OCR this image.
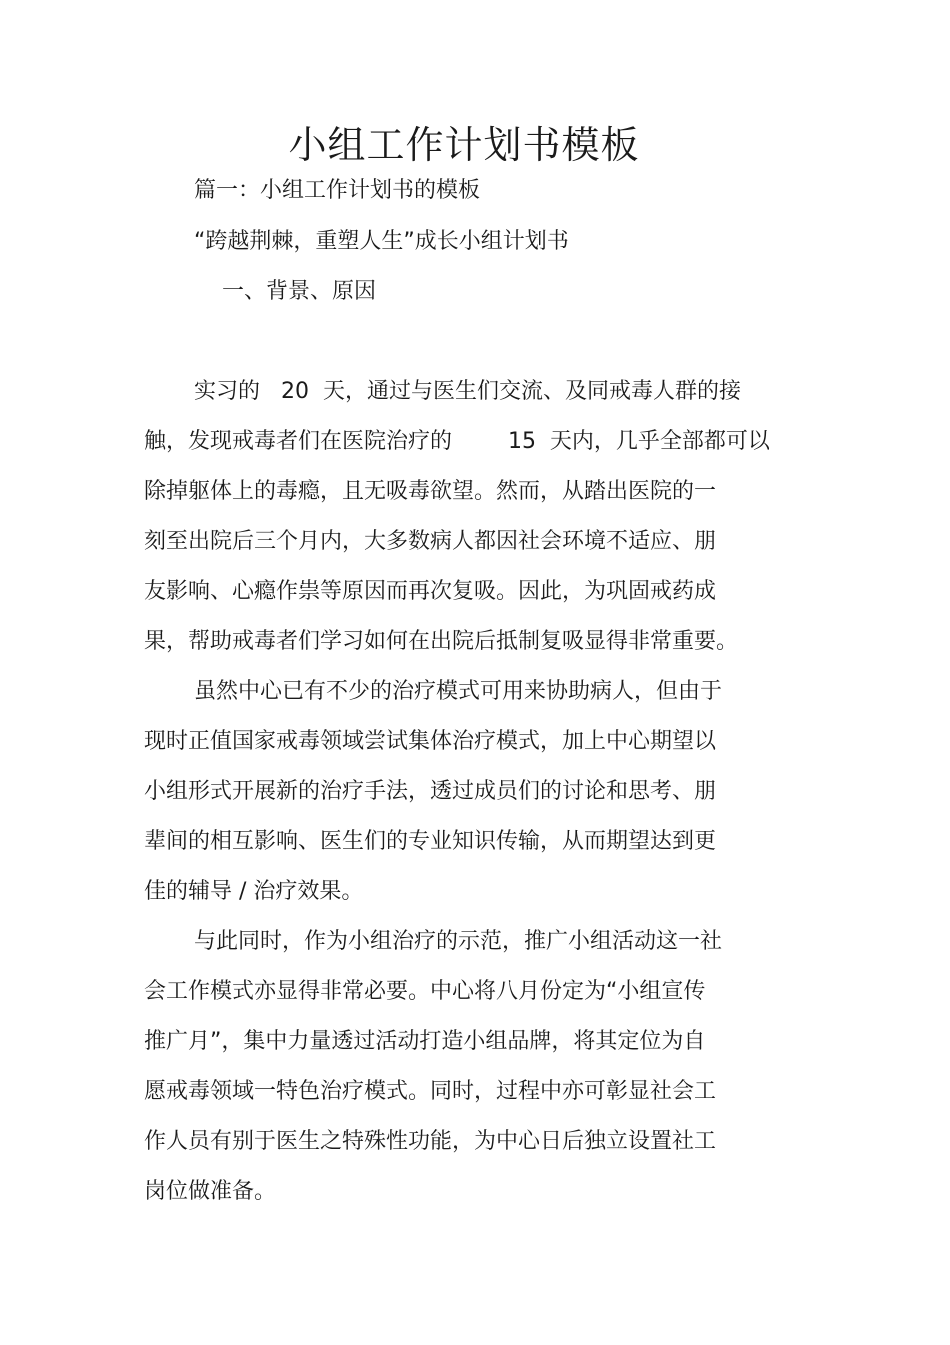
小组工作计划书模板
篇一：小组工作计划书的模板
“跨越荆棘，重塑人生”成长小组计划书
一、背景、原因
实习的   20  天，通过与医生们交流、及同戒毒人群的接
触，发现戒毒者们在医院治疗的        15  天内，几乎全部都可以
除掉躯体上的毒瘾，且无吸毒欲望。然而，从踏出医院的一
刻至出院后三个月内，大多数病人都因社会环境不适应、朋
友影响、心瘾作祟等原因而再次复吸。因此，为巩固戒药成
果，帮助戒毒者们学习如何在出院后抵制复吸显得非常重要。
虽然中心已有不少的治疗模式可用来协助病人，但由于
现时正值国家戒毒领域尝试集体治疗模式，加上中心期望以
小组形式开展新的治疗手法，透过成员们的讨论和思考、朋
辈间的相互影响、医生们的专业知识传输，从而期望达到更
佳的辅导 / 治疗效果。
与此同时，作为小组治疗的示范，推广小组活动这一社
会工作模式亦显得非常必要。中心将八月份定为“小组宣传
推广月”，集中力量透过活动打造小组品牌，将其定位为自
愿戒毒领域一特色治疗模式。同时，过程中亦可彰显社会工
作人员有别于医生之特殊性功能，为中心日后独立设置社工
岗位做准备。
